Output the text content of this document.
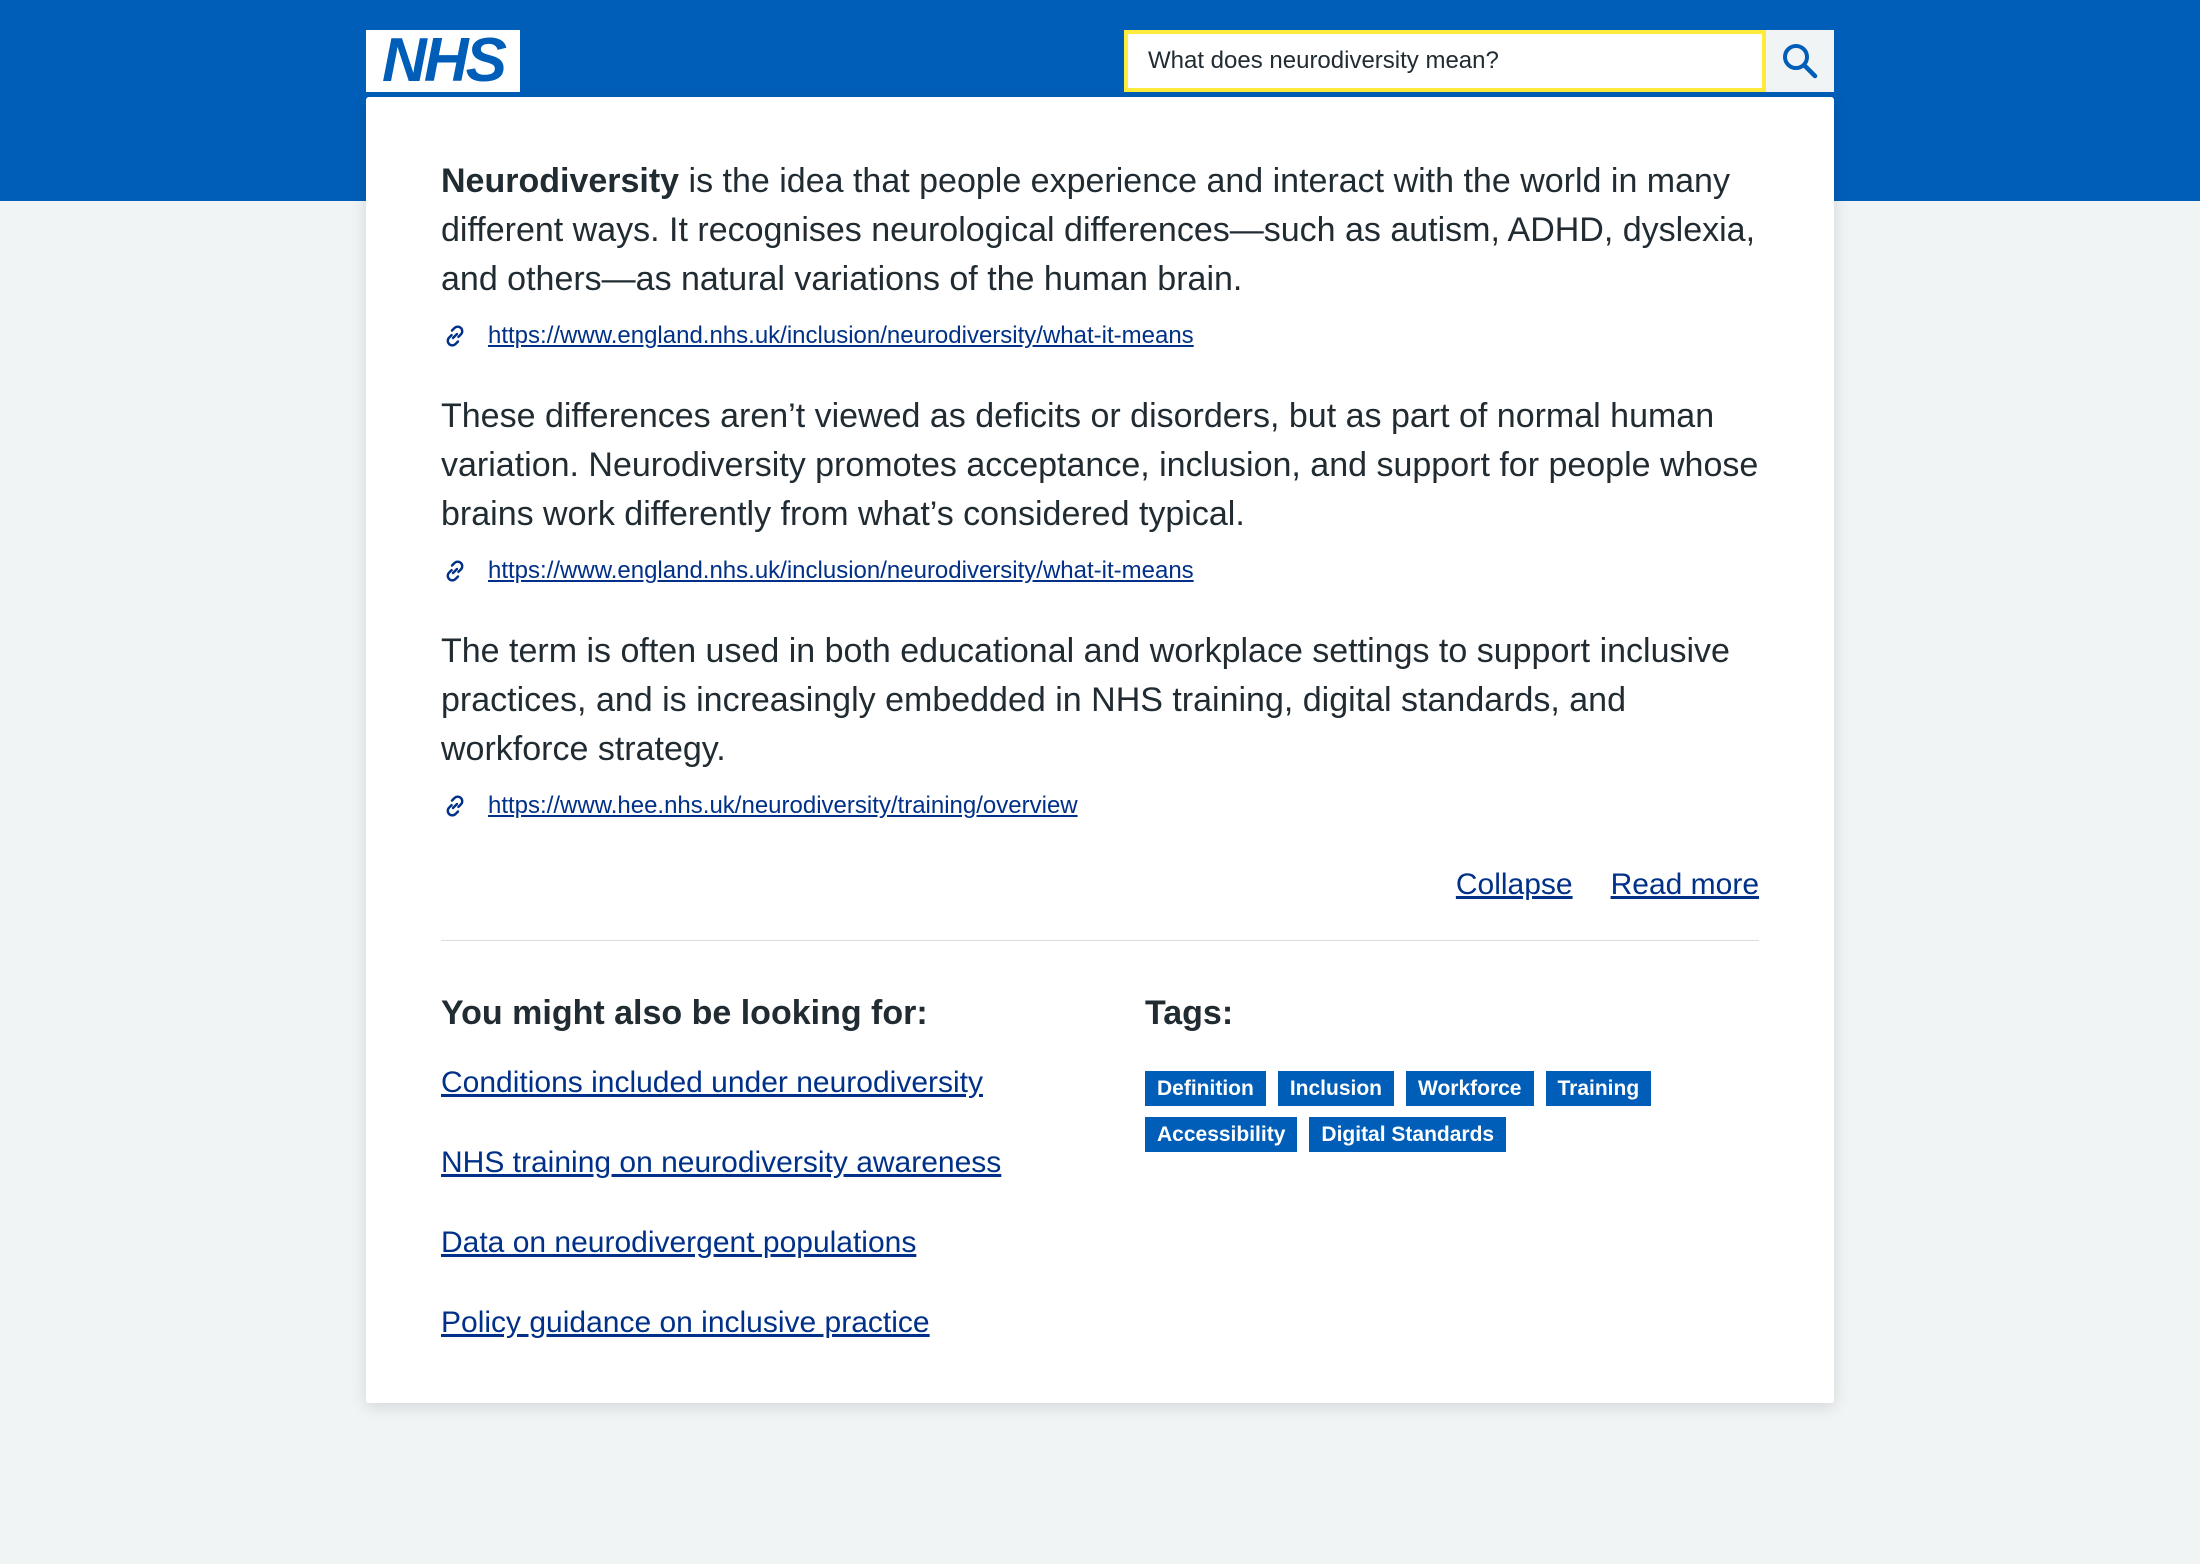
NHS
What does neurodiversity mean?

Neurodiversity is the idea that people experience and interact with the world in many different ways. It recognises neurological differences—such as autism, ADHD, dyslexia, and others—as natural variations of the human brain.

https://www.england.nhs.uk/inclusion/neurodiversity/what-it-means

These differences aren’t viewed as deficits or disorders, but as part of normal human variation. Neurodiversity promotes acceptance, inclusion, and support for people whose brains work differently from what’s considered typical.

https://www.england.nhs.uk/inclusion/neurodiversity/what-it-means

The term is often used in both educational and workplace settings to support inclusive practices, and is increasingly embedded in NHS training, digital standards, and workforce strategy.

https://www.hee.nhs.uk/neurodiversity/training/overview
Collapse Read more
You might also be looking for:
Conditions included under neurodiversity
NHS training on neurodiversity awareness
Data on neurodivergent populations
Policy guidance on inclusive practice
Tags:
Definition	Inclusion	Workforce	Training
Accessibility	Digital Standards
